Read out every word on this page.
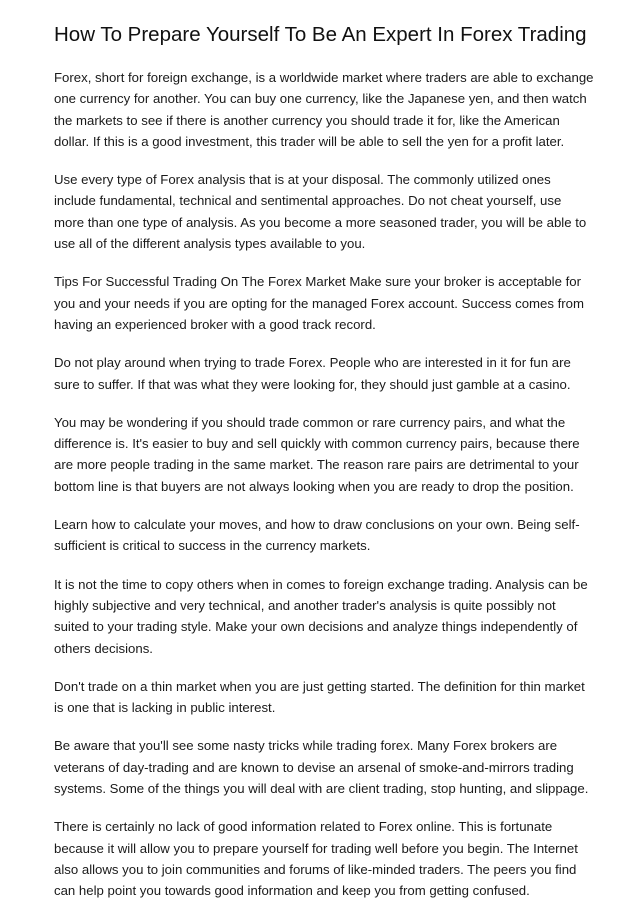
How To Prepare Yourself To Be An Expert In Forex Trading

Forex, short for foreign exchange, is a worldwide market where traders are able to exchange one currency for another. You can buy one currency, like the Japanese yen, and then watch the markets to see if there is another currency you should trade it for, like the American dollar. If this is a good investment, this trader will be able to sell the yen for a profit later.

Use every type of Forex analysis that is at your disposal. The commonly utilized ones include fundamental, technical and sentimental approaches. Do not cheat yourself, use more than one type of analysis. As you become a more seasoned trader, you will be able to use all of the different analysis types available to you.

Tips For Successful Trading On The Forex Market Make sure your broker is acceptable for you and your needs if you are opting for the managed Forex account. Success comes from having an experienced broker with a good track record.

Do not play around when trying to trade Forex. People who are interested in it for fun are sure to suffer. If that was what they were looking for, they should just gamble at a casino.

You may be wondering if you should trade common or rare currency pairs, and what the difference is. It's easier to buy and sell quickly with common currency pairs, because there are more people trading in the same market. The reason rare pairs are detrimental to your bottom line is that buyers are not always looking when you are ready to drop the position.

Learn how to calculate your moves, and how to draw conclusions on your own. Being self-sufficient is critical to success in the currency markets.

It is not the time to copy others when in comes to foreign exchange trading. Analysis can be highly subjective and very technical, and another trader's analysis is quite possibly not suited to your trading style. Make your own decisions and analyze things independently of others decisions.

Don't trade on a thin market when you are just getting started. The definition for thin market is one that is lacking in public interest.

Be aware that you'll see some nasty tricks while trading forex. Many Forex brokers are veterans of day-trading and are known to devise an arsenal of smoke-and-mirrors trading systems. Some of the things you will deal with are client trading, stop hunting, and slippage.

There is certainly no lack of good information related to Forex online. This is fortunate because it will allow you to prepare yourself for trading well before you begin. The Internet also allows you to join communities and forums of like-minded traders. The peers you find can help point you towards good information and keep you from getting confused.
